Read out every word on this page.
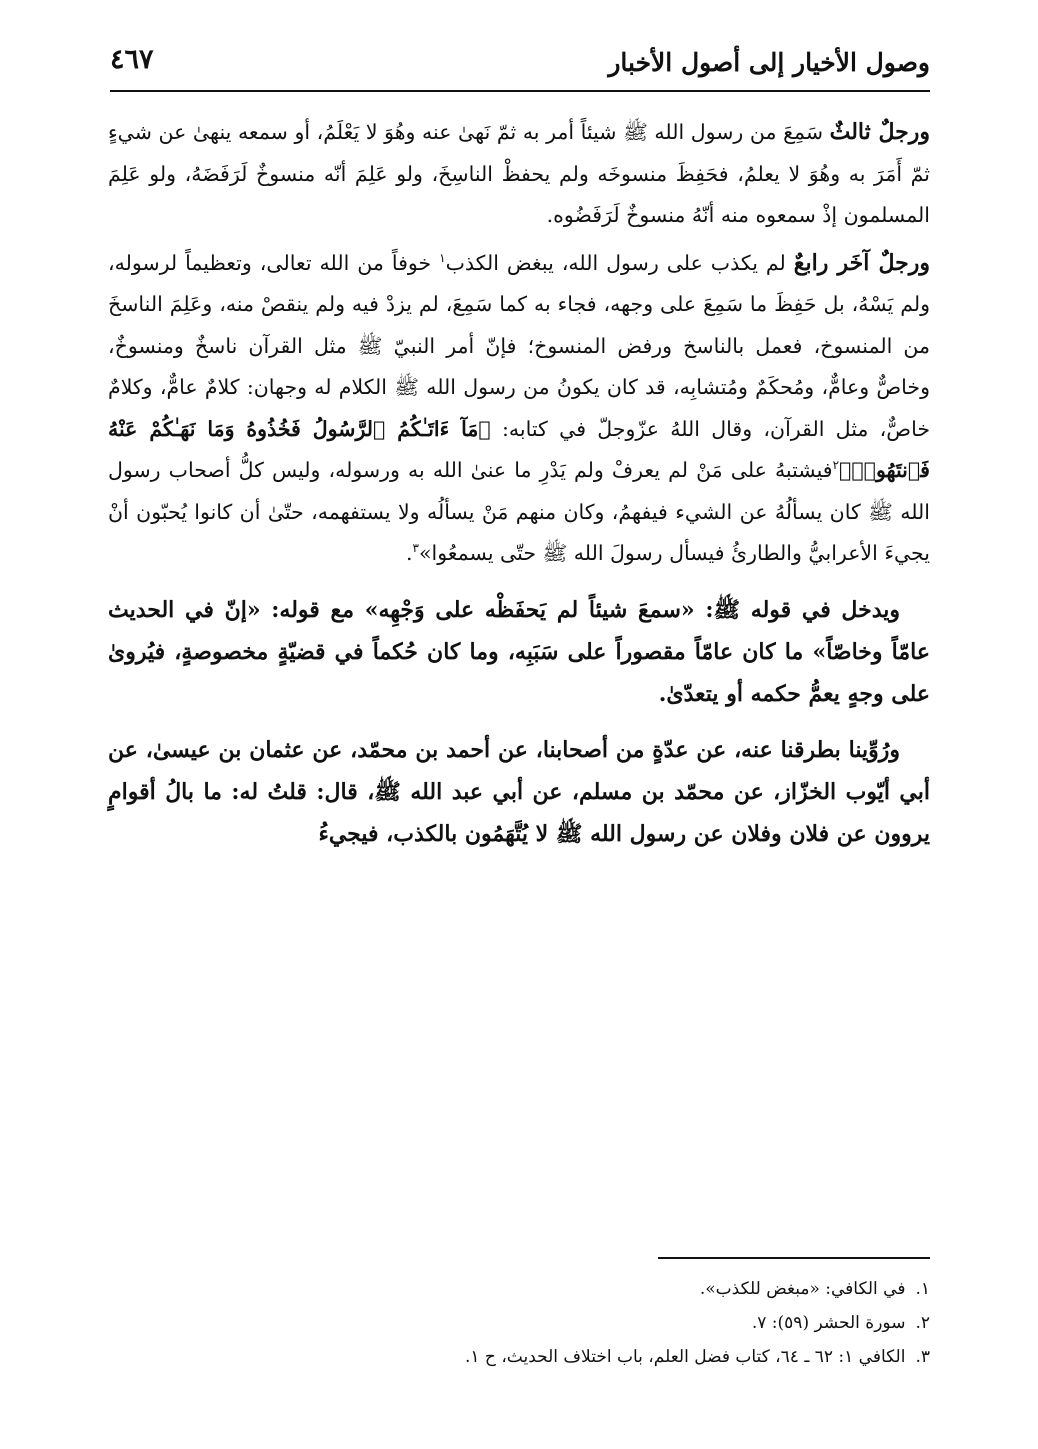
وصول الأخيار إلى أصول الأخبار
٤٦٧

ورجلٌ ثالثٌ سَمِعَ من رسول الله ﷺ شيئاً أمر به ثمّ نَهىٰ عنه وهُوَ لا يَعْلَمُ، أو سمعه ينهىٰ عن شيءٍ ثمّ أَمَرَ به وهُوَ لا يعلمُ، فحَفِظَ منسوخَه ولم يحفظْ الناسِخَ، ولو عَلِمَ أنّه منسوخٌ لَرَفَضَهُ، ولو عَلِمَ المسلمون إذْ سمعوه منه أنّهُ منسوخٌ لَرَفَضُوه.

ورجلٌ آخَر رابعٌ لم يكذب على رسول الله، يبغض الكذب$^١$ خوفاً من الله تعالى، وتعظيماً لرسوله، ولم يَسْهُ، بل حَفِظَ ما سَمِعَ على وجهه، فجاء به كما سَمِعَ، لم يزدْ فيه ولم ينقصْ منه، وعَلِمَ الناسخَ من المنسوخ، فعمل بالناسخ ورفض المنسوخ؛ فإنّ أمر النبيّ ﷺ مثل القرآن ناسخٌ ومنسوخٌ، وخاصٌّ وعامٌّ، ومُحكَمٌ ومُتشابِه، قد كان يكونُ من رسول الله ﷺ الكلام له وجهان: كلامٌ عامٌّ، وكلامٌ خاصٌّ، مثل القرآن، وقال اللهُ عزّوجلّ في كتابه: ﴿مَآ ءَاتَـٰكُمُ ٱلرَّسُولُ فَخُذُوهُ وَمَا نَهَـٰكُمْ عَنْهُ فَٱنتَهُوا۟﴾$^٢$فيشتبهُ على مَنْ لم يعرفْ ولم يَدْرِ ما عنىٰ الله به ورسوله، وليس كلُّ أصحاب رسول الله ﷺ كان يسألُهُ عن الشيء فيفهمُ، وكان منهم مَنْ يسألُه ولا يستفهمه، حتّىٰ أن كانوا يُحبّون أنْ يجيءَ الأعرابيُّ والطارئُ فيسأل رسولَ الله ﷺ حتّى يسمعُوا»$^٣$.

ويدخل في قوله ﷺ: «سمعَ شيئاً لم يَحفَظْه على وَجْهِه» مع قوله: «إنّ في الحديث عامّاً وخاصّاً» ما كان عامّاً مقصوراً على سَبَبِه، وما كان حُكماً في قضيّةٍ مخصوصةٍ، فيُروىٰ على وجهٍ يعمُّ حكمه أو يتعدّىٰ.

ورُوِّينا بطرقنا عنه، عن عدّةٍ من أصحابنا، عن أحمد بن محمّد، عن عثمان بن عيسىٰ، عن أبي أيّوب الخزّاز، عن محمّد بن مسلم، عن أبي عبد الله ﷺ، قال: قلتُ له: ما بالُ أقوامٍ يروون عن فلان وفلان عن رسول الله ﷺ لا يُتَّهَمُون بالكذب، فيجيءُ

١.في الكافي: «مبغض للكذب».

٢.سورة الحشر (٥٩): ٧.

٣.الكافي ١: ٦٢ ـ ٦٤، كتاب فضل العلم، باب اختلاف الحديث، ح ١.
